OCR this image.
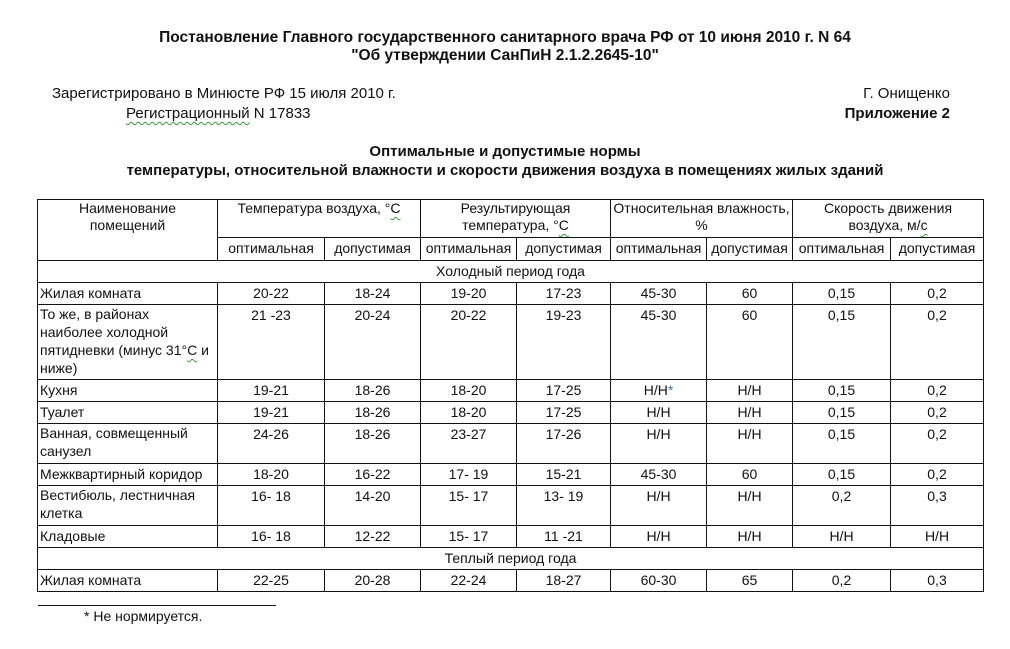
Постановление Главного государственного санитарного врача РФ от 10 июня 2010 г. N 64
"Об утверждении СанПиН 2.1.2.2645-10"
Зарегистрировано в Минюсте РФ 15 июля 2010 г.
Регистрационный N 17833
Г. Онищенко
Приложение 2
Оптимальные и допустимые нормы
температуры, относительной влажности и скорости движения воздуха в помещениях жилых зданий
Наименование помещений	Температура воздуха, °С		Результирующая температура, °С		Относительная влажность, %		Скорость движения воздуха, м/с	
	оптимальная	допустимая	оптимальная	допустимая	оптимальная	допустимая	оптимальная	допустимая
Холодный период года								
Жилая комната	20-22	18-24	19-20	17-23	45-30	60	0,15	0,2
То же, в районах наиболее холодной пятидневки (минус 31°С и ниже)	21 -23	20-24	20-22	19-23	45-30	60	0,15	0,2
Кухня	19-21	18-26	18-20	17-25	Н/Н*	Н/Н	0,15	0,2
Туалет	19-21	18-26	18-20	17-25	Н/Н	Н/Н	0,15	0,2
Ванная, совмещенный санузел	24-26	18-26	23-27	17-26	Н/Н	Н/Н	0,15	0,2
Межквартирный коридор	18-20	16-22	17- 19	15-21	45-30	60	0,15	0,2
Вестибюль, лестничная клетка	16- 18	14-20	15- 17	13- 19	Н/Н	Н/Н	0,2	0,3
Кладовые	16- 18	12-22	15- 17	11 -21	Н/Н	Н/Н	Н/Н	Н/Н
Теплый период года								
Жилая комната	22-25	20-28	22-24	18-27	60-30	65	0,2	0,3
* Не нормируется.
